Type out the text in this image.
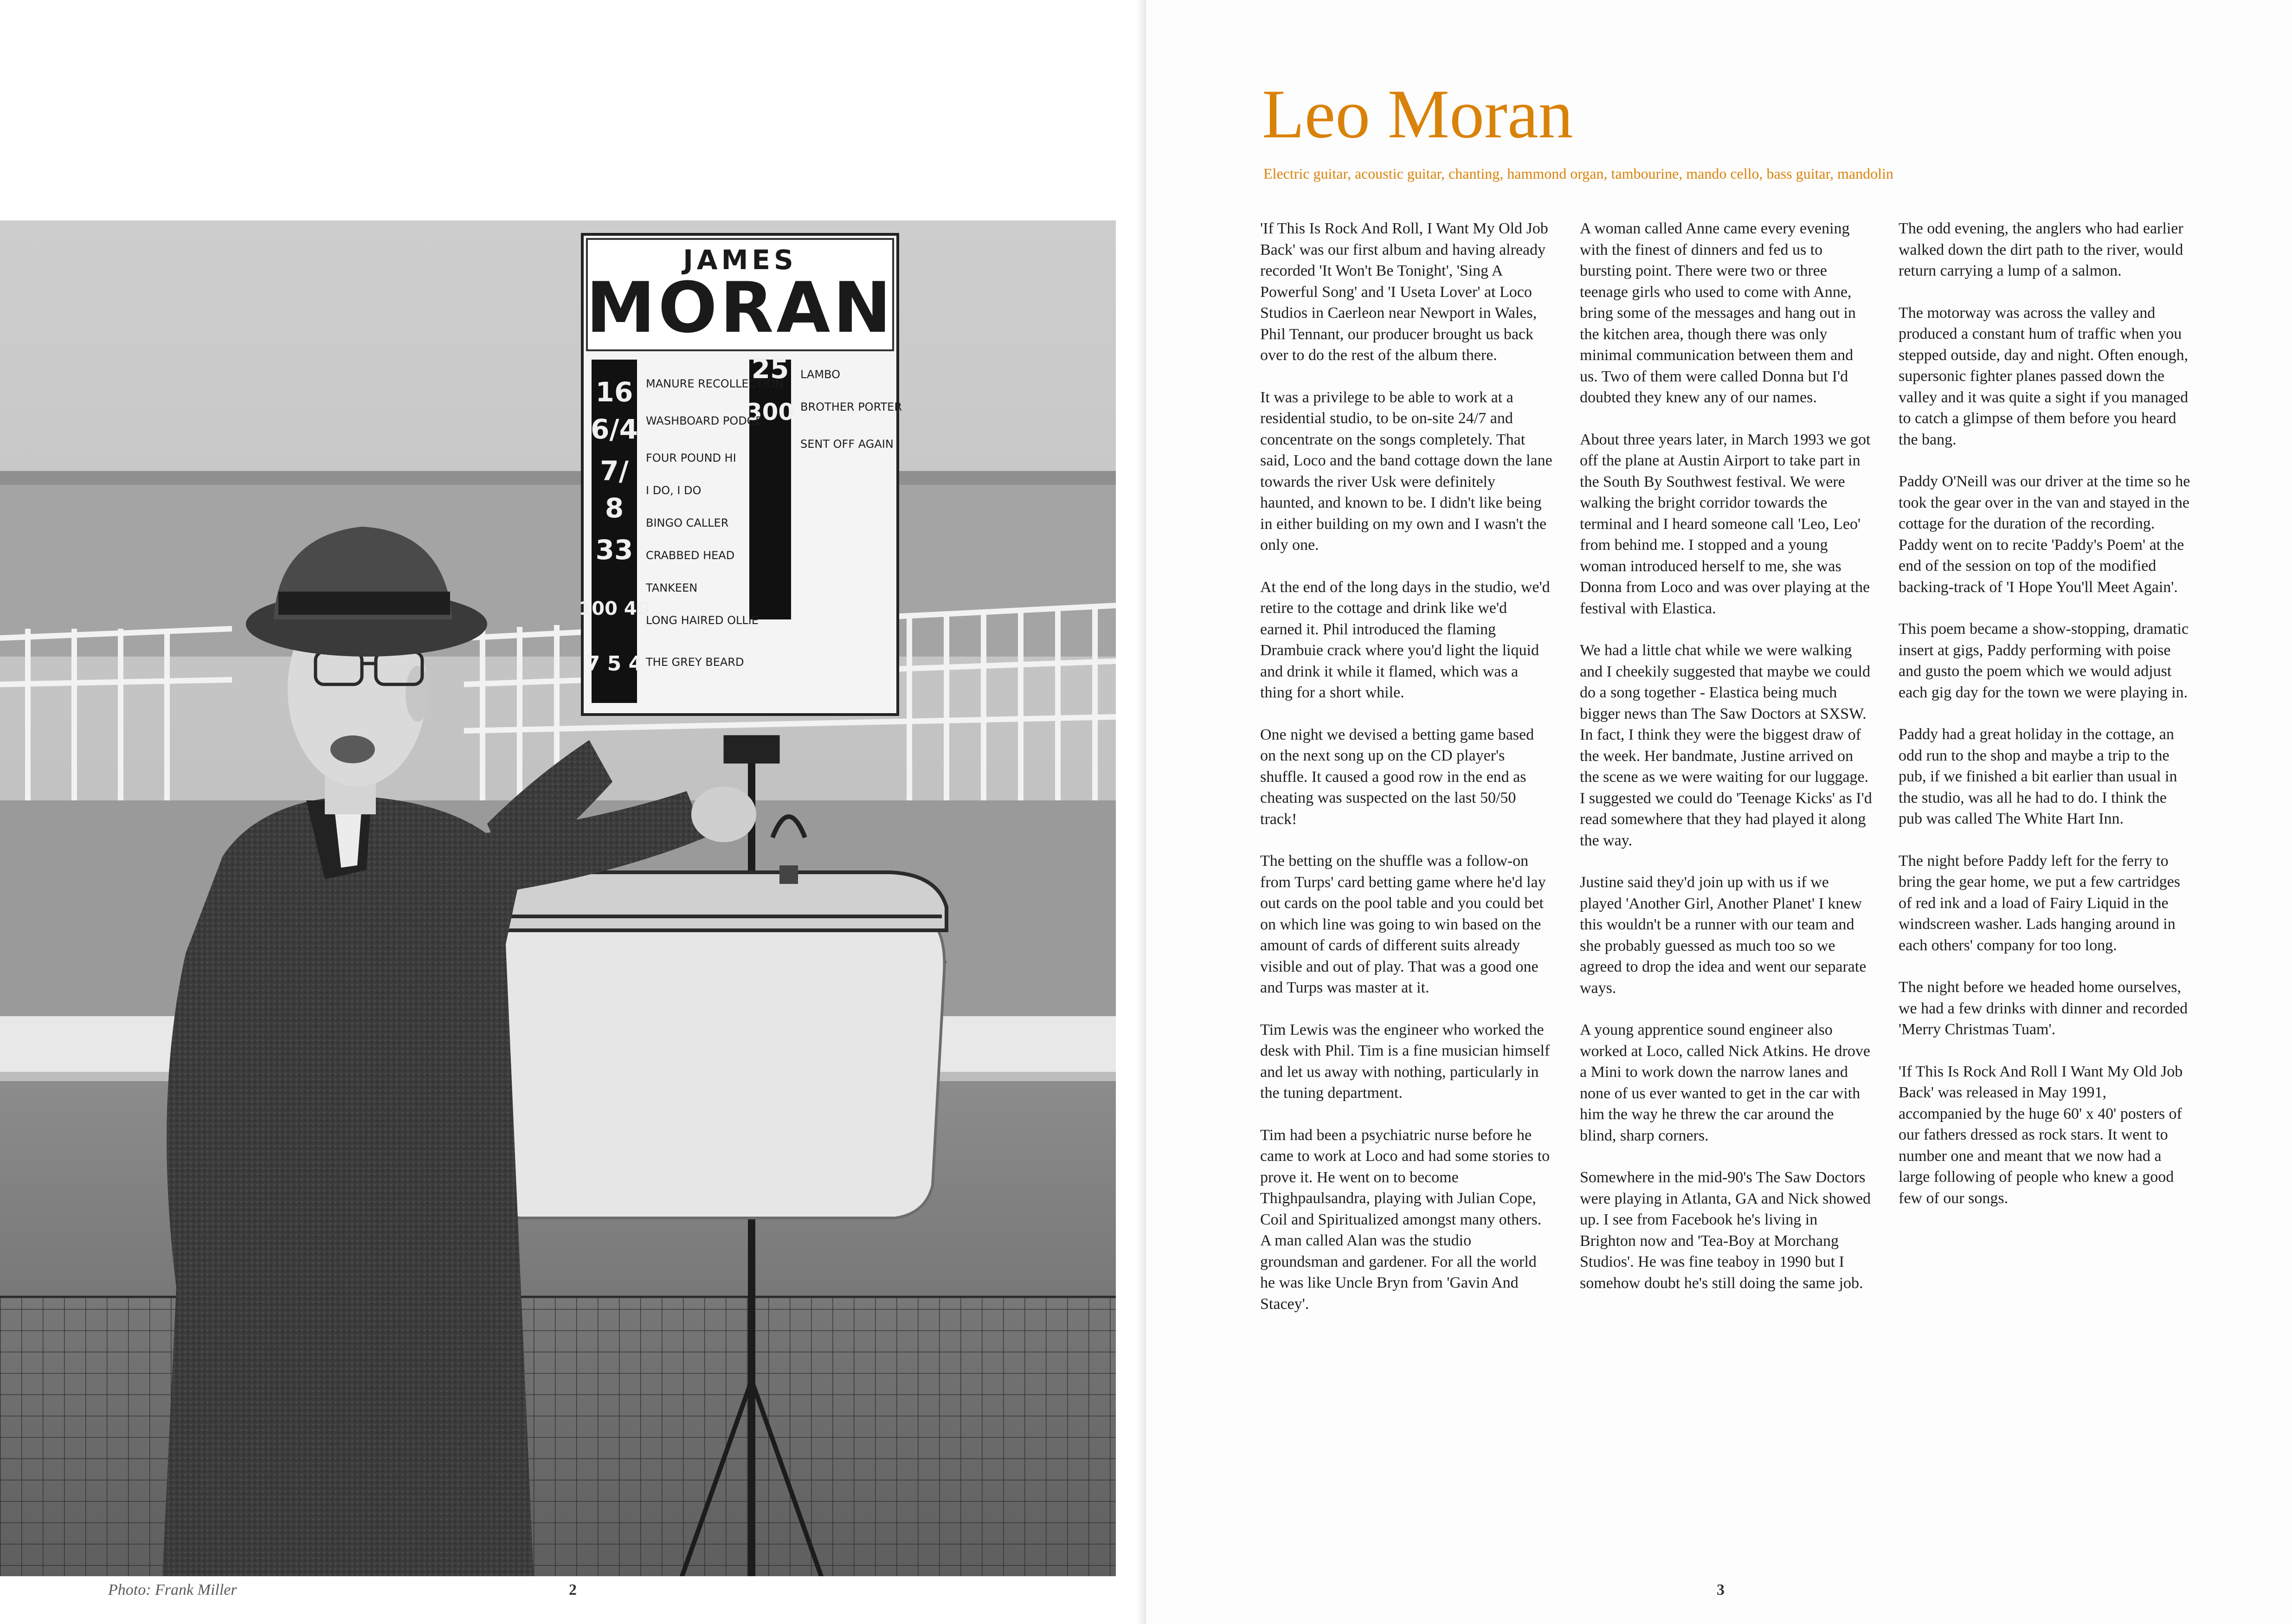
JAMES
MORAN
16
6/4
7/
8
33
100 40
7 5 4
25
300
MANURE RECOLLECTION
WASHBOARD PODGE
FOUR POUND HI
I DO, I DO
BINGO CALLER
CRABBED HEAD
TANKEEN
LONG HAIRED OLLIE
THE GREY BEARD
LAMBO
BROTHER PORTER
SENT OFF AGAIN
Photo: Frank Miller	2
Leo Moran

Electric guitar, acoustic guitar, chanting, hammond organ, tambourine, mando cello, bass guitar, mandolin

'If This Is Rock And Roll, I Want My Old Job Back' was our first album and having already recorded 'It Won't Be Tonight', 'Sing A Powerful Song' and 'I Useta Lover' at Loco Studios in Caerleon near Newport in Wales, Phil Tennant, our producer brought us back over to do the rest of the album there.

It was a privilege to be able to work at a residential studio, to be on-site 24/7 and concentrate on the songs completely. That said, Loco and the band cottage down the lane towards the river Usk were definitely haunted, and known to be. I didn't like being in either building on my own and I wasn't the only one.

At the end of the long days in the studio, we'd retire to the cottage and drink like we'd earned it. Phil introduced the flaming Drambuie crack where you'd light the liquid and drink it while it flamed, which was a thing for a short while.

One night we devised a betting game based on the next song up on the CD player's shuffle. It caused a good row in the end as cheating was suspected on the last 50/50 track!

The betting on the shuffle was a follow-on from Turps' card betting game where he'd lay out cards on the pool table and you could bet on which line was going to win based on the amount of cards of different suits already visible and out of play. That was a good one and Turps was master at it.

Tim Lewis was the engineer who worked the desk with Phil. Tim is a fine musician himself and let us away with nothing, particularly in the tuning department.

Tim had been a psychiatric nurse before he came to work at Loco and had some stories to prove it. He went on to become Thighpaulsandra, playing with Julian Cope, Coil and Spiritualized amongst many others. A man called Alan was the studio groundsman and gardener. For all the world he was like Uncle Bryn from 'Gavin And Stacey'.

A woman called Anne came every evening with the finest of dinners and fed us to bursting point. There were two or three teenage girls who used to come with Anne, bring some of the messages and hang out in the kitchen area, though there was only minimal communication between them and us. Two of them were called Donna but I'd doubted they knew any of our names.

About three years later, in March 1993 we got off the plane at Austin Airport to take part in the South By Southwest festival. We were walking the bright corridor towards the terminal and I heard someone call 'Leo, Leo' from behind me. I stopped and a young woman introduced herself to me, she was Donna from Loco and was over playing at the festival with Elastica.

We had a little chat while we were walking and I cheekily suggested that maybe we could do a song together - Elastica being much bigger news than The Saw Doctors at SXSW. In fact, I think they were the biggest draw of the week. Her bandmate, Justine arrived on the scene as we were waiting for our luggage. I suggested we could do 'Teenage Kicks' as I'd read somewhere that they had played it along the way.

Justine said they'd join up with us if we played 'Another Girl, Another Planet' I knew this wouldn't be a runner with our team and she probably guessed as much too so we agreed to drop the idea and went our separate ways.

A young apprentice sound engineer also worked at Loco, called Nick Atkins. He drove a Mini to work down the narrow lanes and none of us ever wanted to get in the car with him the way he threw the car around the blind, sharp corners.

Somewhere in the mid-90's The Saw Doctors were playing in Atlanta, GA and Nick showed up. I see from Facebook he's living in Brighton now and 'Tea-Boy at Morchang Studios'. He was fine teaboy in 1990 but I somehow doubt he's still doing the same job.

The odd evening, the anglers who had earlier walked down the dirt path to the river, would return carrying a lump of a salmon.

The motorway was across the valley and produced a constant hum of traffic when you stepped outside, day and night. Often enough, supersonic fighter planes passed down the valley and it was quite a sight if you managed to catch a glimpse of them before you heard the bang.

Paddy O'Neill was our driver at the time so he took the gear over in the van and stayed in the cottage for the duration of the recording. Paddy went on to recite 'Paddy's Poem' at the end of the session on top of the modified backing-track of 'I Hope You'll Meet Again'.

This poem became a show-stopping, dramatic insert at gigs, Paddy performing with poise and gusto the poem which we would adjust each gig day for the town we were playing in.

Paddy had a great holiday in the cottage, an odd run to the shop and maybe a trip to the pub, if we finished a bit earlier than usual in the studio, was all he had to do. I think the pub was called The White Hart Inn.

The night before Paddy left for the ferry to bring the gear home, we put a few cartridges of red ink and a load of Fairy Liquid in the windscreen washer. Lads hanging around in each others' company for too long.

The night before we headed home ourselves, we had a few drinks with dinner and recorded 'Merry Christmas Tuam'.

'If This Is Rock And Roll I Want My Old Job Back' was released in May 1991, accompanied by the huge 60' x 40' posters of our fathers dressed as rock stars. It went to number one and meant that we now had a large following of people who knew a good few of our songs.

3
